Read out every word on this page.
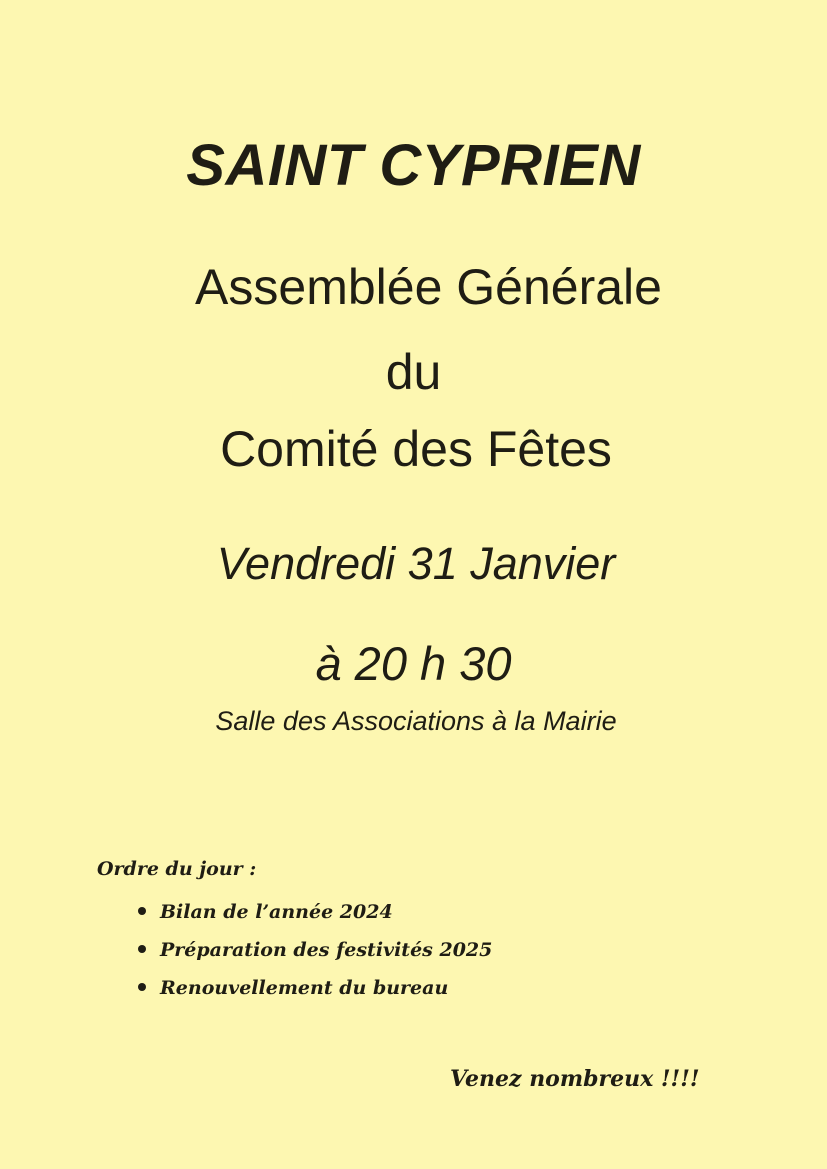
SAINT CYPRIEN
Assemblée Générale
du
Comité des Fêtes
Vendredi 31 Janvier
à 20 h 30
Salle des Associations à la Mairie
Ordre du jour :
Bilan de l’année 2024
Préparation des festivités 2025
Renouvellement du bureau
Venez nombreux !!!!
